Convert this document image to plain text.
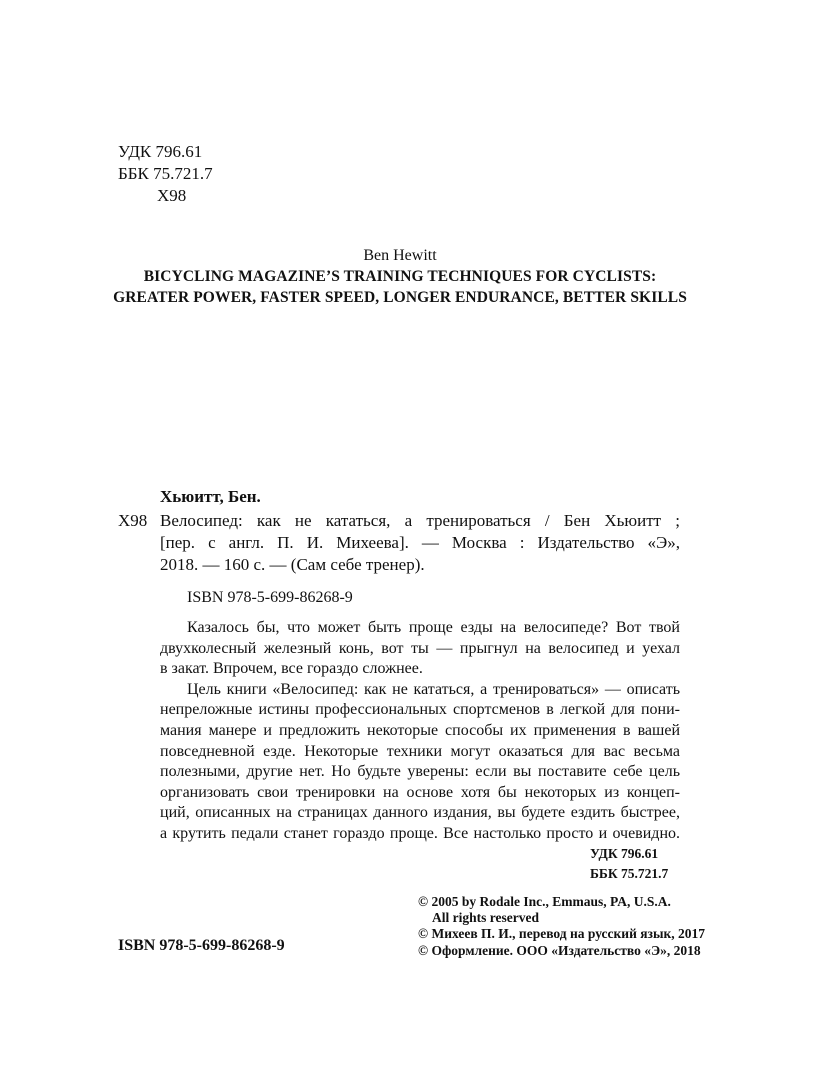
УДК 796.61
ББК 75.721.7
Х98
Ben Hewitt
BICYCLING MAGAZINE’S TRAINING TECHNIQUES FOR CYCLISTS:
GREATER POWER, FASTER SPEED, LONGER ENDURANCE, BETTER SKILLS
Хьюитт, Бен.
Х98 Велосипед: как не кататься, а тренироваться / Бен Хьюитт ;
[пер. с англ. П. И. Михеева]. — Москва : Издательство «Э»,
2018. — 160 с. — (Сам себе тренер).
ISBN 978-5-699-86268-9
Казалось бы, что может быть проще езды на велосипеде? Вот твой
двухколесный железный конь, вот ты — прыгнул на велосипед и уехал
в закат. Впрочем, все гораздо сложнее.
Цель книги «Велосипед: как не кататься, а тренироваться» — описать
непреложные истины профессиональных спортсменов в легкой для пони-
мания манере и предложить некоторые способы их применения в вашей
повседневной езде. Некоторые техники могут оказаться для вас весьма
полезными, другие нет. Но будьте уверены: если вы поставите себе цель
организовать свои тренировки на основе хотя бы некоторых из концеп-
ций, описанных на страницах данного издания, вы будете ездить быстрее,
а крутить педали станет гораздо проще. Все настолько просто и очевидно.
УДК 796.61
ББК 75.721.7
© 2005 by Rodale Inc., Emmaus, PA, U.S.A.
All rights reserved
© Михеев П. И., перевод на русский язык, 2017
© Оформление. ООО «Издательство «Э», 2018
ISBN 978-5-699-86268-9
